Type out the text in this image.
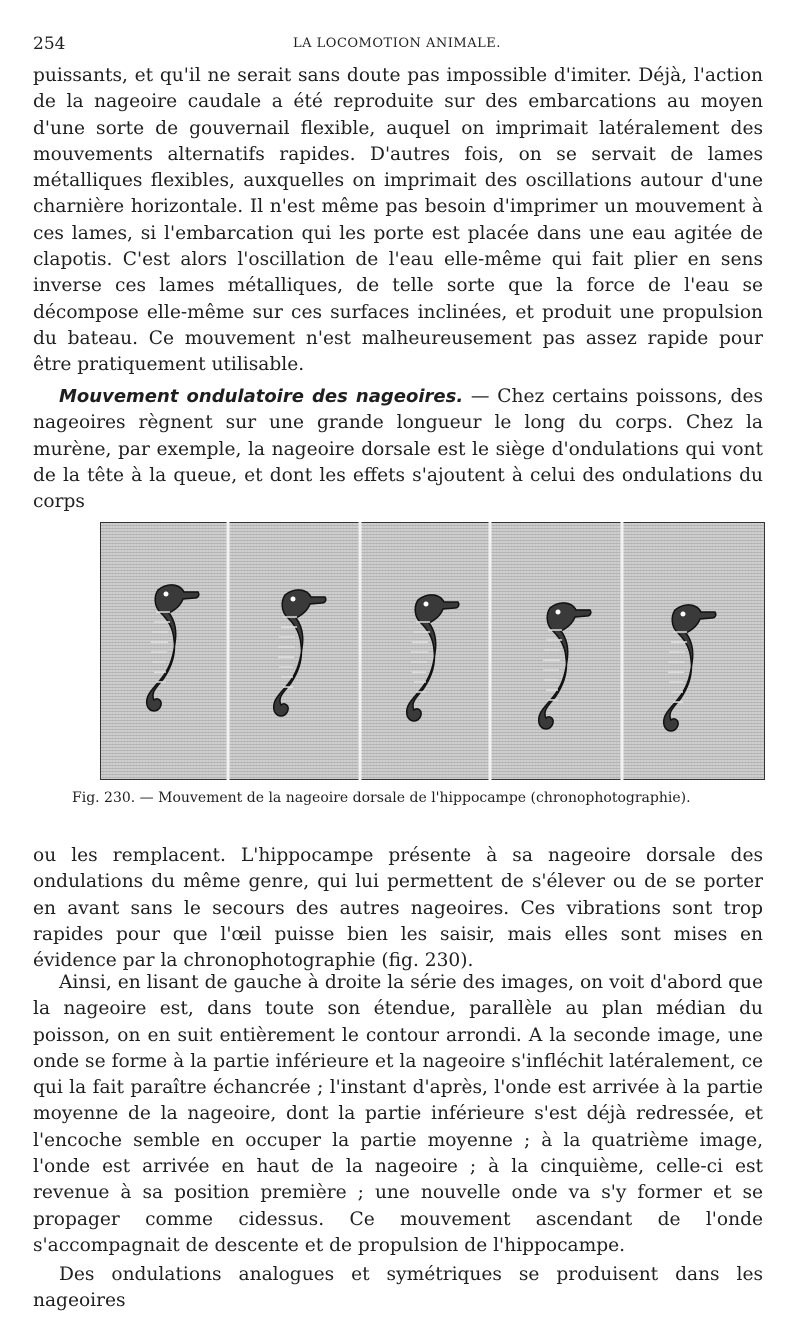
254	LA LOCOMOTION ANIMALE.

puissants, et qu'il ne serait sans doute pas impossible d'imiter. Déjà, l'action de la nageoire caudale a été reproduite sur des embarcations au moyen d'une sorte de gouvernail flexible, auquel on imprimait latéralement des mouvements alternatifs rapides. D'autres fois, on se servait de lames métalliques flexibles, auxquelles on imprimait des oscillations autour d'une charnière horizontale. Il n'est même pas besoin d'imprimer un mouvement à ces lames, si l'embarcation qui les porte est placée dans une eau agitée de clapotis. C'est alors l'oscillation de l'eau elle-même qui fait plier en sens inverse ces lames métalliques, de telle sorte que la force de l'eau se décompose elle-même sur ces surfaces inclinées, et produit une propulsion du bateau. Ce mouvement n'est malheureusement pas assez rapide pour être pratiquement utilisable.

Mouvement ondulatoire des nageoires. — Chez certains poissons, des nageoires règnent sur une grande longueur le long du corps. Chez la murène, par exemple, la nageoire dorsale est le siège d'ondulations qui vont de la tête à la queue, et dont les effets s'ajoutent à celui des ondulations du corps

Fig. 230. — Mouvement de la nageoire dorsale de l'hippocampe (chronophotographie).

ou les remplacent. L'hippocampe présente à sa nageoire dorsale des ondulations du même genre, qui lui permettent de s'élever ou de se porter en avant sans le secours des autres nageoires. Ces vibrations sont trop rapides pour que l'œil puisse bien les saisir, mais elles sont mises en évidence par la chronophotographie (fig. 230).

Ainsi, en lisant de gauche à droite la série des images, on voit d'abord que la nageoire est, dans toute son étendue, parallèle au plan médian du poisson, on en suit entièrement le contour arrondi. A la seconde image, une onde se forme à la partie inférieure et la nageoire s'infléchit latéralement, ce qui la fait paraître échancrée ; l'instant d'après, l'onde est arrivée à la partie moyenne de la nageoire, dont la partie inférieure s'est déjà redressée, et l'encoche semble en occuper la partie moyenne ; à la quatrième image, l'onde est arrivée en haut de la nageoire ; à la cinquième, celle-ci est revenue à sa position première ; une nouvelle onde va s'y former et se propager comme cidessus. Ce mouvement ascendant de l'onde s'accompagnait de descente et de propulsion de l'hippocampe.

Des ondulations analogues et symétriques se produisent dans les nageoires
